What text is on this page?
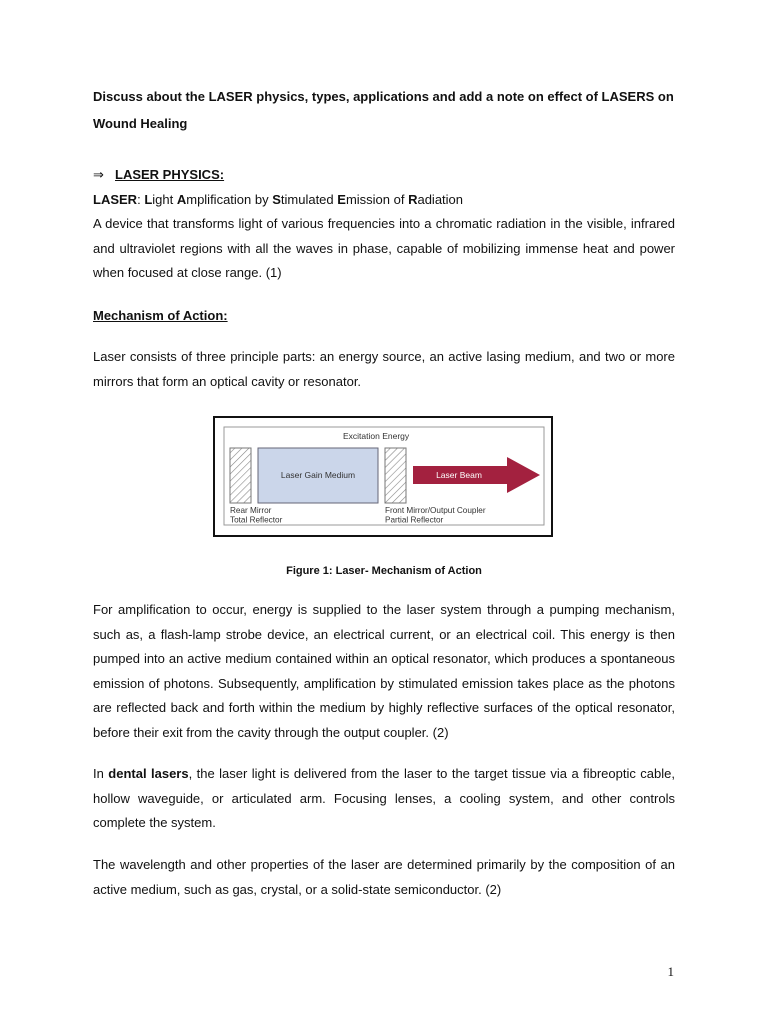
Discuss about the LASER physics, types, applications and add a note on effect of LASERS on Wound Healing
⇒ LASER PHYSICS:
LASER: Light Amplification by Stimulated Emission of Radiation
A device that transforms light of various frequencies into a chromatic radiation in the visible, infrared and ultraviolet regions with all the waves in phase, capable of mobilizing immense heat and power when focused at close range. (1)
Mechanism of Action:
Laser consists of three principle parts: an energy source, an active lasing medium, and two or more mirrors that form an optical cavity or resonator.
Excitation Energy
Laser Gain Medium	Laser Beam
Rear Mirror
Total Reflector
Front Mirror/Output Coupler
Partial Reflector
Figure 1: Laser- Mechanism of Action
For amplification to occur, energy is supplied to the laser system through a pumping mechanism, such as, a flash-lamp strobe device, an electrical current, or an electrical coil. This energy is then pumped into an active medium contained within an optical resonator, which produces a spontaneous emission of photons. Subsequently, amplification by stimulated emission takes place as the photons are reflected back and forth within the medium by highly reflective surfaces of the optical resonator, before their exit from the cavity through the output coupler. (2)
In dental lasers, the laser light is delivered from the laser to the target tissue via a fibreoptic cable, hollow waveguide, or articulated arm. Focusing lenses, a cooling system, and other controls complete the system.
The wavelength and other properties of the laser are determined primarily by the composition of an active medium, such as gas, crystal, or a solid-state semiconductor. (2)
1
